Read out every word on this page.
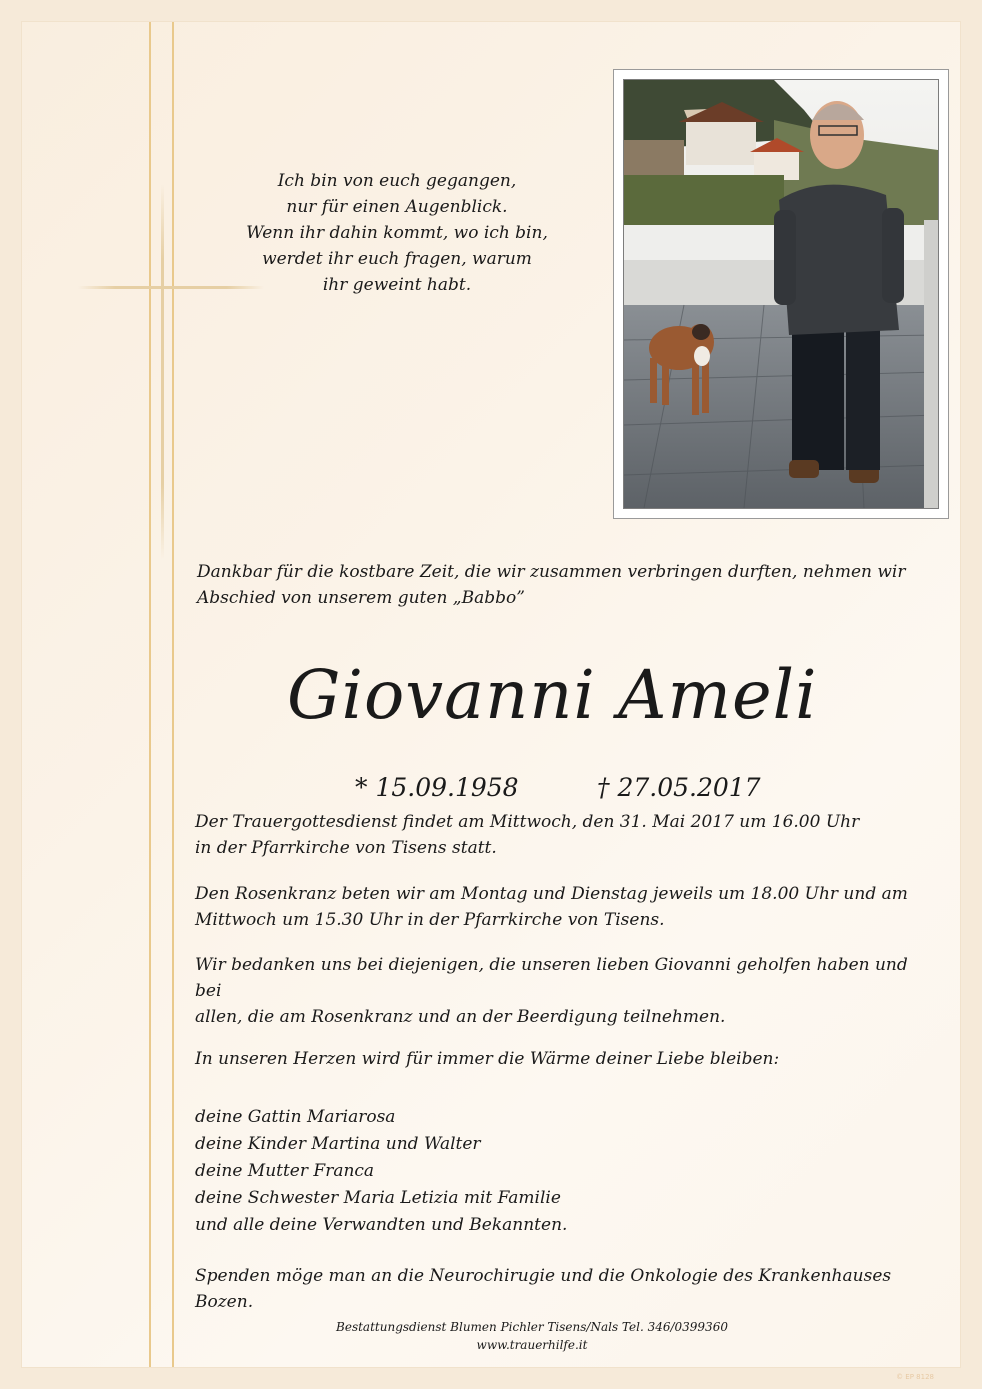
Ich bin von euch gegangen,
nur für einen Augenblick.
Wenn ihr dahin kommt, wo ich bin,
werdet ihr euch fragen, warum
ihr geweint habt.
Dankbar für die kostbare Zeit, die wir zusammen verbringen durften, nehmen wir
Abschied von unserem guten „Babbo”
Giovanni Ameli
* 15.09.1958	† 27.05.2017
Der Trauergottesdienst findet am Mittwoch, den 31. Mai 2017 um 16.00 Uhr
in der Pfarrkirche von Tisens statt.
Den Rosenkranz beten wir am Montag und Dienstag jeweils um 18.00 Uhr und am
Mittwoch um 15.30 Uhr in der Pfarrkirche von Tisens.
Wir bedanken uns bei diejenigen, die unseren lieben Giovanni geholfen haben und bei
allen, die am Rosenkranz und an der Beerdigung teilnehmen.
In unseren Herzen wird für immer die Wärme deiner Liebe bleiben:
deine Gattin Mariarosa
deine Kinder Martina und Walter
deine Mutter Franca
deine Schwester Maria Letizia mit Familie
und alle deine Verwandten und Bekannten.
Spenden möge man an die Neurochirugie und die Onkologie des Krankenhauses Bozen.
Bestattungsdienst Blumen Pichler Tisens/Nals Tel. 346/0399360
www.trauerhilfe.it
© EP 8128
